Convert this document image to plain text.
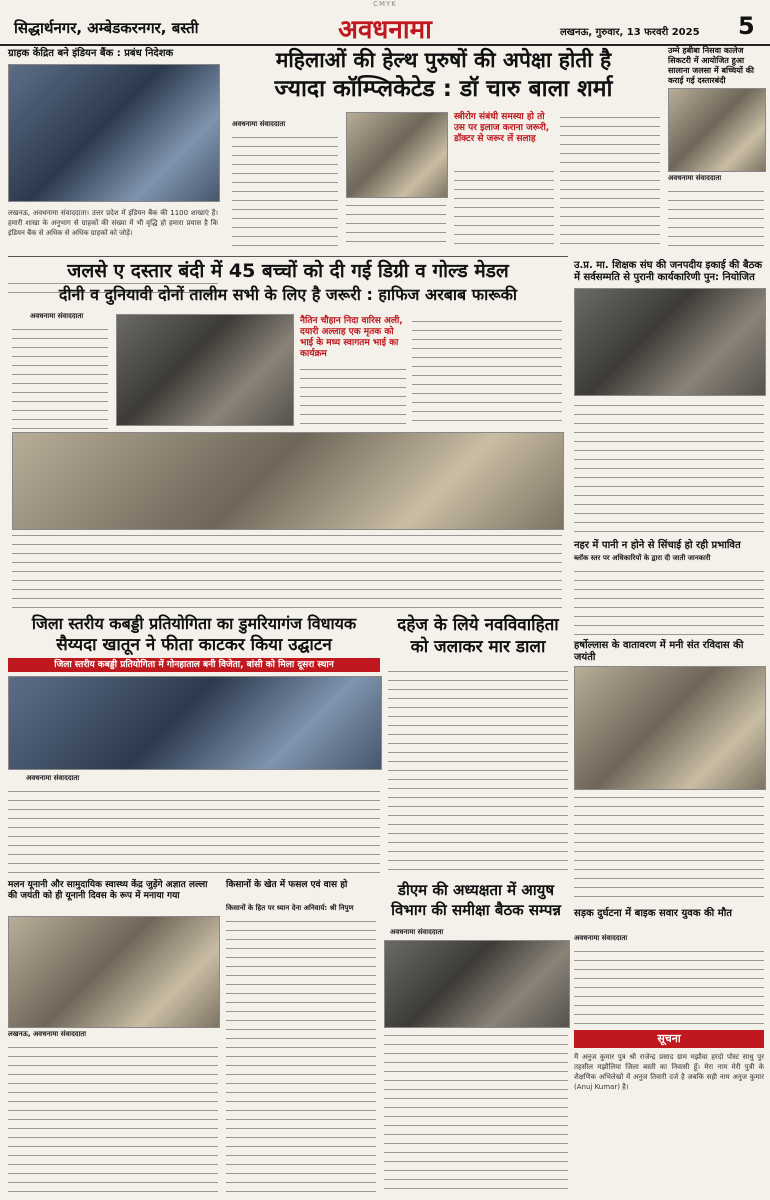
CMYK
सिद्धार्थनगर, अम्बेडकरनगर, बस्ती	अवधनामा	लखनऊ, गुरुवार, 13 फरवरी 2025 5
ग्राहक केंद्रित बने इंडियन बैंक : प्रबंध निदेशक
लखनऊ, अवधनामा संवाददाता। उत्तर प्रदेश में इंडियन बैंक की 1100 शाखाएं हैं। हमारी शाखा के अनुभाग से ग्राहकों की संख्या में भी वृद्धि हो हमारा प्रयास है कि इंडियन बैंक से अधिक से अधिक ग्राहकों को जोड़ें।
महिलाओं की हेल्थ पुरुषों की अपेक्षा होती है
ज्यादा कॉम्प्लिकेटेड : डॉ चारु बाला शर्मा
अवधनामा संवाददाता
स्त्रीरोग संबंधी समस्या हो तो उस पर इलाज कराना जरूरी, डॉक्टर से जरूर लें सलाह
उम्मे हबीबा निसवा कालेज सिकटरी में आयोजित हुआ सालाना जलसा में बच्चियों की कराई गई दस्तारबंदी
अवधनामा संवाददाता
उ.प्र. मा. शिक्षक संघ की जनपदीय इकाई की बैठक में सर्वसम्मति से पुरानी कार्यकारिणी पुन: नियोजित
जलसे ए दस्तार बंदी में 45 बच्चों को दी गई डिग्री व गोल्ड मेडल
दीनी व दुनियावी दोनों तालीम सभी के लिए है जरूरी : हाफिज अरबाब फारूकी
अवधनामा संवाददाता	नैतिन चौहान निदा वारिस अली, दयारी अल्लाह एक मृतक को भाई के मध्य स्वागतम भाई का कार्यक्रम
नहर में पानी न होने से सिंचाई हो रही प्रभावित
ब्लॉक स्तर पर अधिकारियों के द्वारा दी जाती जानकारी
हर्षोल्लास के वातावरण में मनी संत रविदास की जयंती
जिला स्तरीय कबड्डी प्रतियोगिता का डुमरियागंज विधायक
सैय्यदा खातून ने फीता काटकर किया उद्घाटन
जिला स्तरीय कबड्डी प्रतियोगिता में गोनहाताल बनी विजेता, बांसी को मिला दूसरा स्थान
अवधनामा संवाददाता
दहेज के लिये नवविवाहिता
को जलाकर मार डाला
मलन यूनानी और सामुदायिक स्वास्थ्य केंद्र जुड़ेंगे अज्ञात लल्ला की जयंती को ही यूनानी दिवस के रूप में मनाया गया
लखनऊ, अवधनामा संवाददाता
किसानों के खेत में फसल एवं वास हो
किसानों के हित पर ध्यान देना अनिवार्य: श्री निपुण
डीएम की अध्यक्षता में आयुष
विभाग की समीक्षा बैठक सम्पन्न
अवधनामा संवाददाता
सड़क दुर्घटना में बाइक सवार युवक की मौत
अवधनामा संवाददाता
सूचना
मैं अनुज कुमार पुत्र श्री राजेन्द्र प्रसाद ग्राम मझौवा हरदो पोस्ट साधु पुर तहसील मझौलिया जिला बस्ती का निवासी हूँ। मेरा नाम मेरी पुत्री के शैक्षणिक अभिलेखों में अनुज तिवारी दर्ज है जबकि सही नाम अनुज कुमार (Anuj Kumar) है।
